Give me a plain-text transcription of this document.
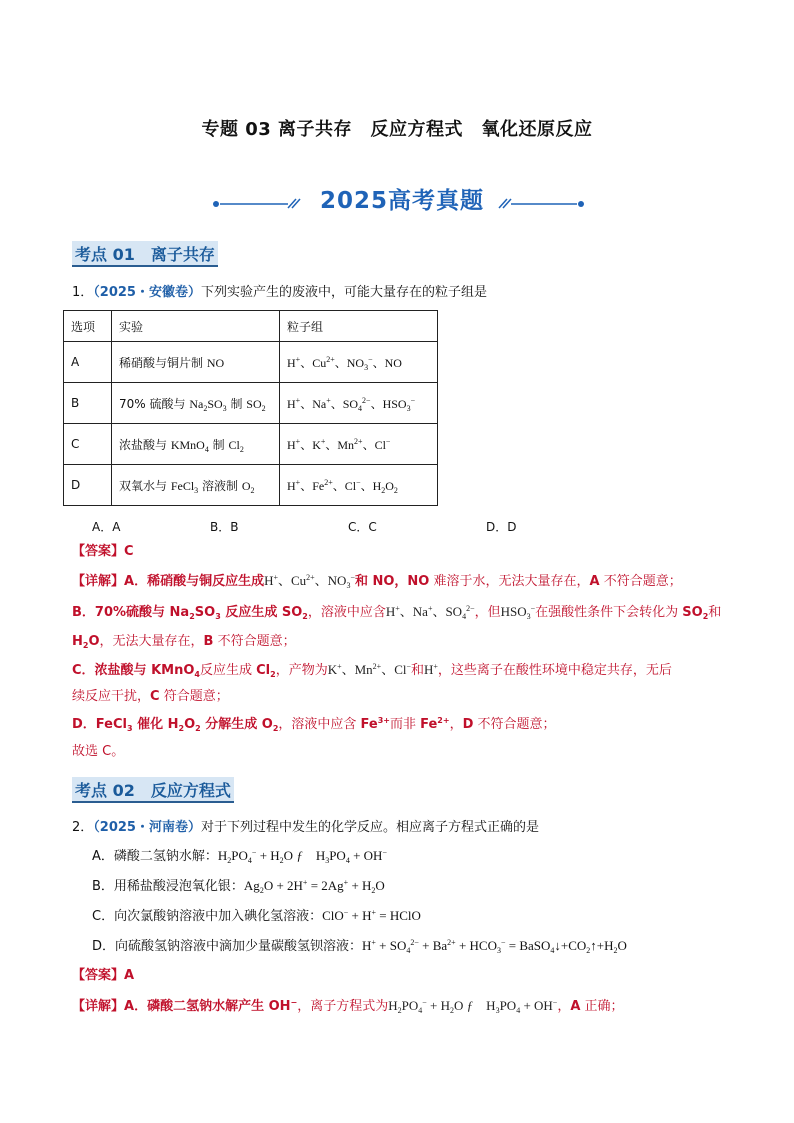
专题 03 离子共存　反应方程式　氧化还原反应
2025高考真题
考点 01　离子共存
1．（2025・安徽卷）下列实验产生的废液中，可能大量存在的粒子组是
选项	实验	粒子组
A	稀硝酸与铜片制 NO	H+、$Cu^{2+}$、$NO_3^-$、NO
B	70% 硫酸与 $Na_2SO_3$ 制 $SO_2$	H+、Na+、$SO_4^{2-}$、$HSO_3^-$
C	浓盐酸与 KMnO$_4$ 制 $Cl_2$	H+、K+、$Mn^{2+}$、Cl−
D	双氧水与 FeCl$_3$ 溶液制 $O_2$	H+、$Fe^{2+}$、Cl−、$H_2O_2$
A．A	B．B	C．C	D．D
【答案】C
【详解】A．稀硝酸与铜反应生成H+、$Cu^{2+}$、$NO_3^-$和 NO，NO 难溶于水，无法大量存在，A 不符合题意；
B．70%硫酸与 $Na_2SO_3$ 反应生成 $SO_2$，溶液中应含H+、Na+、$SO_4^{2-}$，但$HSO_3^-$在强酸性条件下会转化为 $SO_2$和
$H_2O$，无法大量存在，B 不符合题意；
C．浓盐酸与 KMnO$_4$反应生成 $Cl_2$，产物为K+、$Mn^{2+}$、Cl−和H+，这些离子在酸性环境中稳定共存，无后
续反应干扰，C 符合题意；
D．FeCl$_3$ 催化 $H_2O_2$ 分解生成 $O_2$，溶液中应含 $Fe^{3+}$而非 $Fe^{2+}$，D 不符合题意；
故选 C。
考点 02　反应方程式
2．（2025・河南卷）对于下列过程中发生的化学反应。相应离子方程式正确的是
A．磷酸二氢钠水解：$H_2PO_4^- + H_2O$ ƒ　$H_3PO_4 + OH^-$
B．用稀盐酸浸泡氧化银：$Ag_2O + 2H^+ = 2Ag^+ + H_2O$
C．向次氯酸钠溶液中加入碘化氢溶液：ClO− + H+ = HClO
D．向硫酸氢钠溶液中滴加少量碳酸氢钡溶液：$H^+ + SO_4^{2-} + Ba^{2+} + HCO_3^-$ = $BaSO_4↓+CO_2↑+H_2O$
【答案】A
【详解】A．磷酸二氢钠水解产生 OH−，离子方程式为$H_2PO_4^- + H_2O$ ƒ　$H_3PO_4 + OH^-$，A 正确；
